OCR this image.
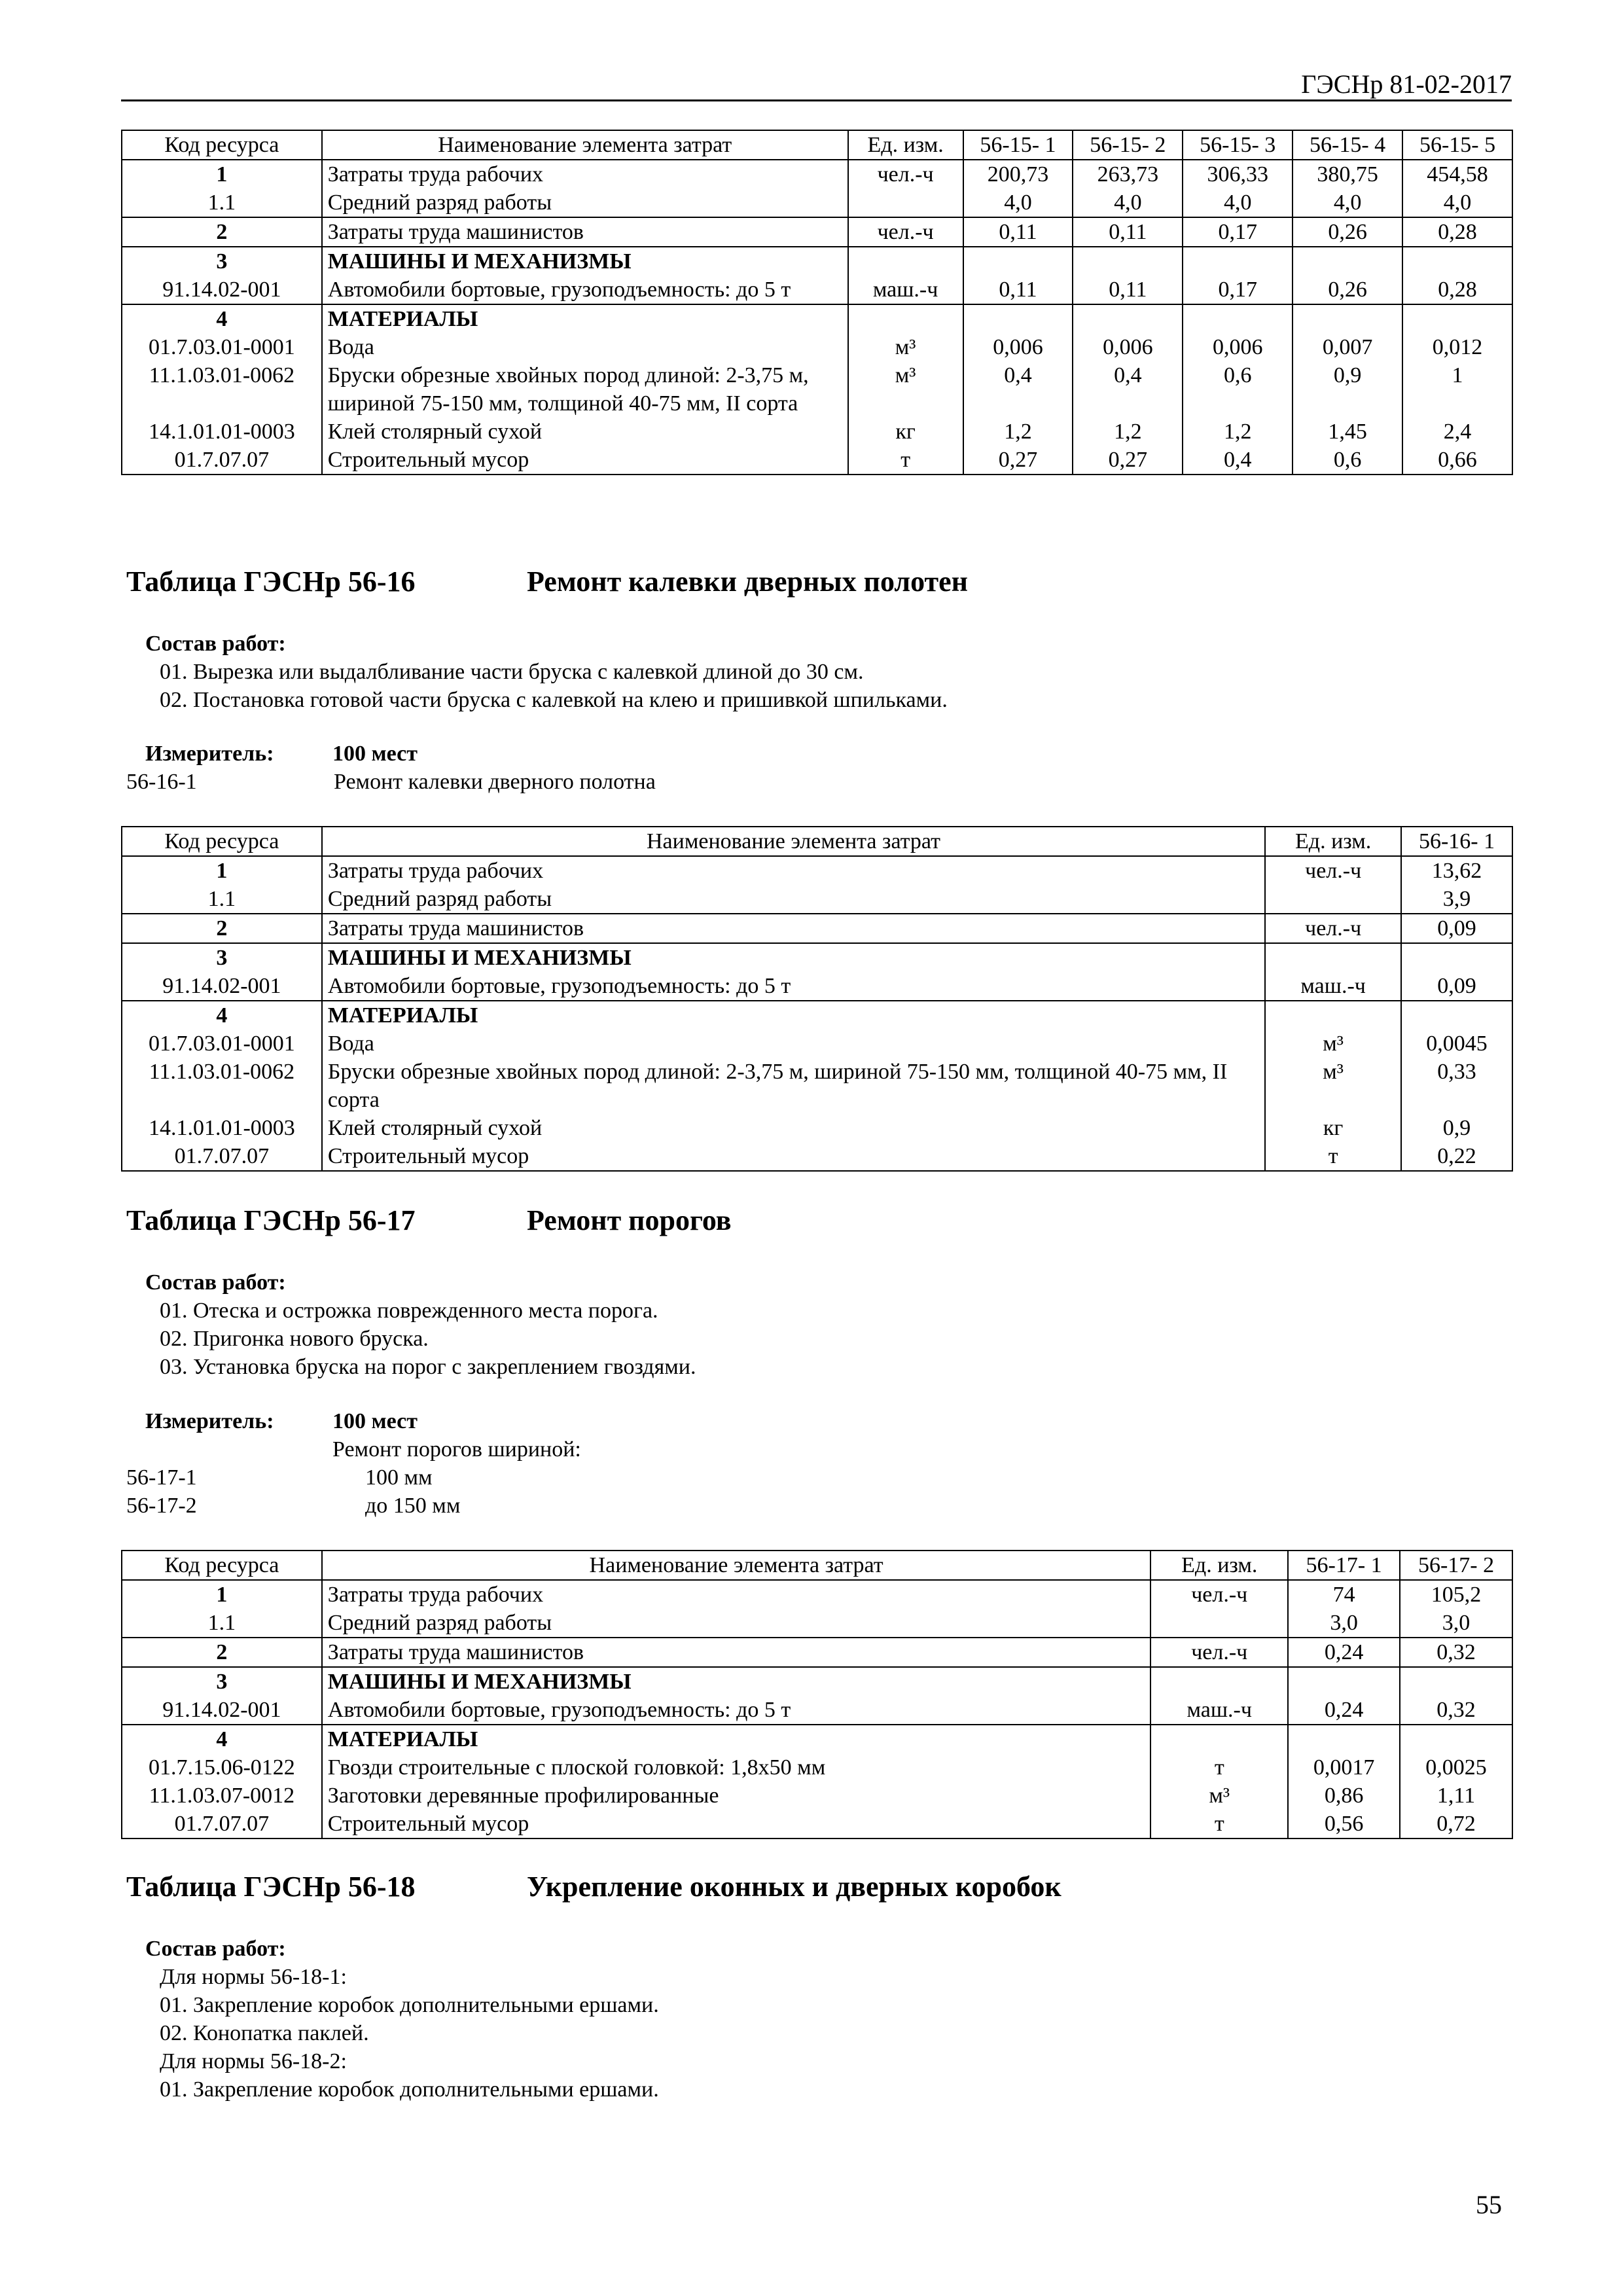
ГЭСНр 81-02-2017
Код ресурса	Наименование элемента затрат	Ед. изм.	56-15- 1	56-15- 2	56-15- 3	56-15- 4	56-15- 5
1	Затраты труда рабочих	чел.-ч	200,73	263,73	306,33	380,75	454,58
1.1	Средний разряд работы		4,0	4,0	4,0	4,0	4,0
2	Затраты труда машинистов	чел.-ч	0,11	0,11	0,17	0,26	0,28
3	МАШИНЫ И МЕХАНИЗМЫ						
91.14.02-001	Автомобили бортовые, грузоподъемность: до 5 т	маш.-ч	0,11	0,11	0,17	0,26	0,28
4	МАТЕРИАЛЫ						
01.7.03.01-0001	Вода	м³	0,006	0,006	0,006	0,007	0,012
11.1.03.01-0062	Бруски обрезные хвойных пород длиной: 2-3,75 м, шириной 75-150 мм, толщиной 40-75 мм, II сорта	м³	0,4	0,4	0,6	0,9	1
14.1.01.01-0003	Клей столярный сухой	кг	1,2	1,2	1,2	1,45	2,4
01.7.07.07	Строительный мусор	т	0,27	0,27	0,4	0,6	0,66
Таблица ГЭСНр 56-16	Ремонт калевки дверных полотен
Состав работ:
01. Вырезка или выдалбливание части бруска с калевкой длиной до 30 см.
02. Постановка готовой части бруска с калевкой на клею и пришивкой шпильками.
Измеритель:	100 мест
56-16-1	Ремонт калевки дверного полотна
Код ресурса	Наименование элемента затрат	Ед. изм.	56-16- 1
1	Затраты труда рабочих	чел.-ч	13,62
1.1	Средний разряд работы		3,9
2	Затраты труда машинистов	чел.-ч	0,09
3	МАШИНЫ И МЕХАНИЗМЫ		
91.14.02-001	Автомобили бортовые, грузоподъемность: до 5 т	маш.-ч	0,09
4	МАТЕРИАЛЫ		
01.7.03.01-0001	Вода	м³	0,0045
11.1.03.01-0062	Бруски обрезные хвойных пород длиной: 2-3,75 м, шириной 75-150 мм, толщиной 40-75 мм, II сорта	м³	0,33
14.1.01.01-0003	Клей столярный сухой	кг	0,9
01.7.07.07	Строительный мусор	т	0,22
Таблица ГЭСНр 56-17	Ремонт порогов
Состав работ:
01. Отеска и острожка поврежденного места порога.
02. Пригонка нового бруска.
03. Установка бруска на порог с закреплением гвоздями.
Измеритель:	100 мест
Ремонт порогов шириной:
56-17-1	100 мм
56-17-2	до 150 мм
Код ресурса	Наименование элемента затрат	Ед. изм.	56-17- 1	56-17- 2
1	Затраты труда рабочих	чел.-ч	74	105,2
1.1	Средний разряд работы		3,0	3,0
2	Затраты труда машинистов	чел.-ч	0,24	0,32
3	МАШИНЫ И МЕХАНИЗМЫ			
91.14.02-001	Автомобили бортовые, грузоподъемность: до 5 т	маш.-ч	0,24	0,32
4	МАТЕРИАЛЫ			
01.7.15.06-0122	Гвозди строительные с плоской головкой: 1,8х50 мм	т	0,0017	0,0025
11.1.03.07-0012	Заготовки деревянные профилированные	м³	0,86	1,11
01.7.07.07	Строительный мусор	т	0,56	0,72
Таблица ГЭСНр 56-18	Укрепление оконных и дверных коробок
Состав работ:
Для нормы 56-18-1:
01. Закрепление коробок дополнительными ершами.
02. Конопатка паклей.
Для нормы 56-18-2:
01. Закрепление коробок дополнительными ершами.
55
